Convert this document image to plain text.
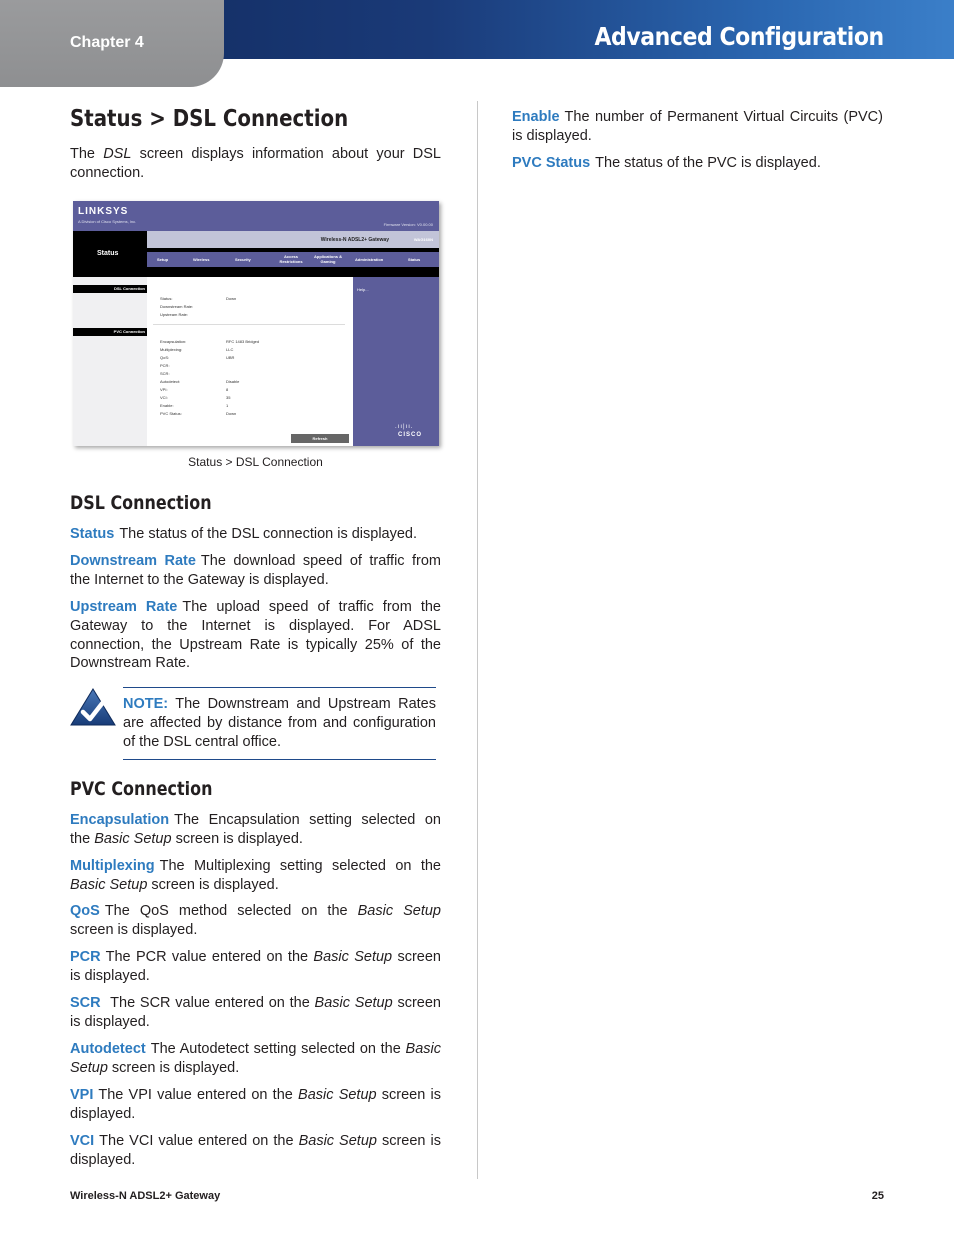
Chapter 4	Advanced Configuration
Status > DSL Connection
The DSL screen displays information about your DSL connection.
LINKSYS
A Division of Cisco Systems, Inc.
Firmware Version: V0.00.00
Wireless-N ADSL2+ Gateway	WAG160N
Status
Setup	Wireless	Security
Access Restrictions
Applications & Gaming	Administration	Status
DSL Connection
PVC Connection
Help...
.ıı|ıı.
CISCO
Status:	Down
Downstream Rate:
Upstream Rate:
Encapsulation:	RFC 1483 Bridged
Multiplexing:	LLC
QoS:	UBR
PCR:
SCR:
Autodetect:	Disable
VPI:	8
VCI:	35
Enable:	1
PVC Status:	Down
Refresh
Status > DSL Connection
DSL Connection
Status The status of the DSL connection is displayed.
Downstream Rate The download speed of traffic from the Internet to the Gateway is displayed.
Upstream Rate The upload speed of traffic from the Gateway to the Internet is displayed. For ADSL connection, the Upstream Rate is typically 25% of the Downstream Rate.
NOTE: The Downstream and Upstream Rates are affected by distance from and configuration of the DSL central office.
PVC Connection
Encapsulation The Encapsulation setting selected on the Basic Setup screen is displayed.
Multiplexing The Multiplexing setting selected on the Basic Setup screen is displayed.
QoS The QoS method selected on the Basic Setup screen is displayed.
PCR The PCR value entered on the Basic Setup screen is displayed.
SCR The SCR value entered on the Basic Setup screen is displayed.
Autodetect The Autodetect setting selected on the Basic Setup screen is displayed.
VPI The VPI value entered on the Basic Setup screen is displayed.
VCI The VCI value entered on the Basic Setup screen is displayed.
Enable The number of Permanent Virtual Circuits (PVC) is displayed.
PVC Status The status of the PVC is displayed.
Wireless-N ADSL2+ Gateway	25
